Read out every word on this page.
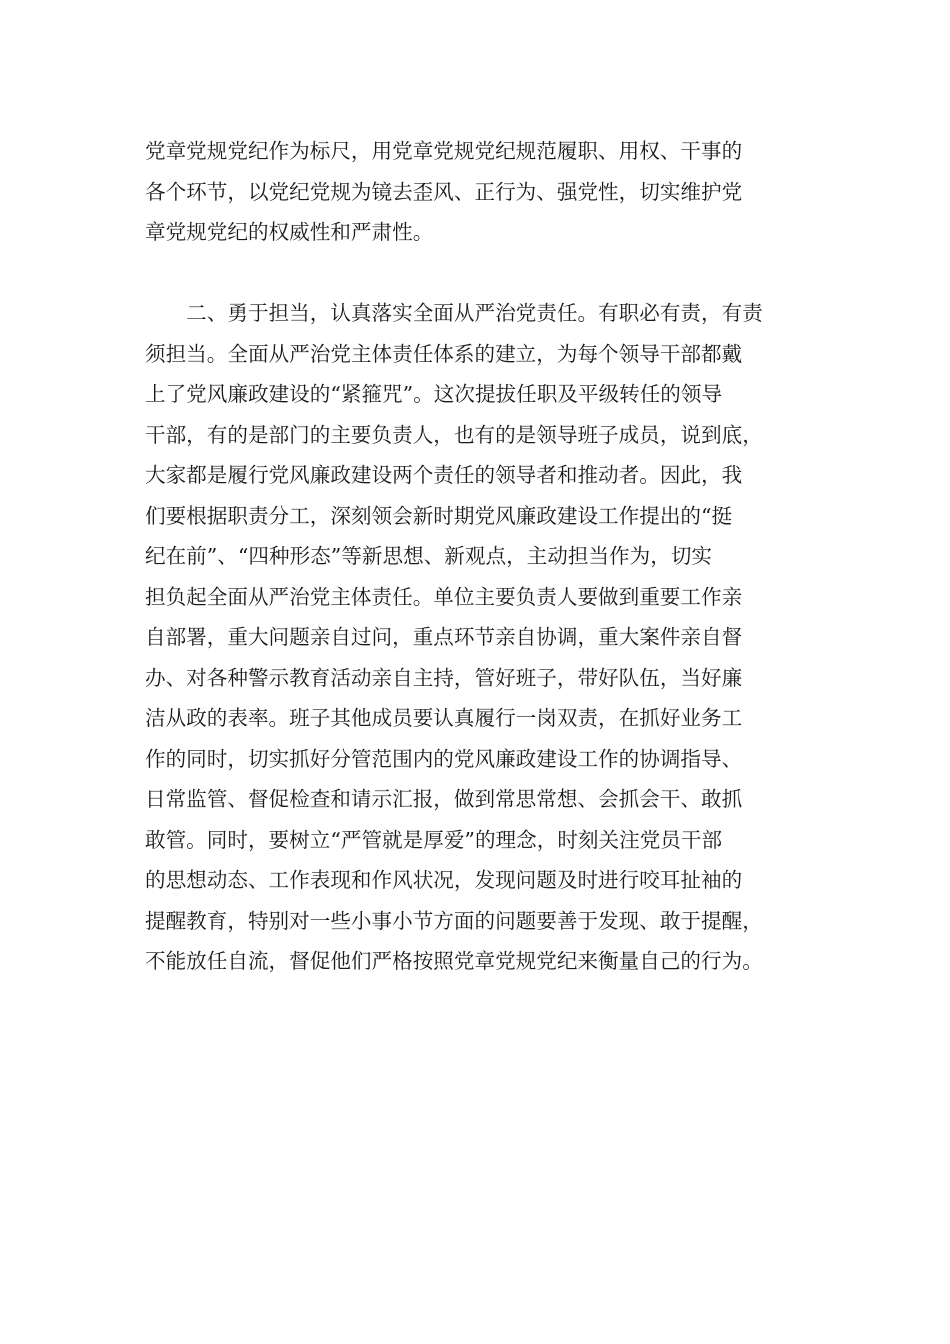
党章党规党纪作为标尺，用党章党规党纪规范履职、用权、干事的
各个环节，以党纪党规为镜去歪风、正行为、强党性，切实维护党
章党规党纪的权威性和严肃性。
　　二、勇于担当，认真落实全面从严治党责任。有职必有责，有责
须担当。全面从严治党主体责任体系的建立，为每个领导干部都戴
上了党风廉政建设的“紧箍咒”。这次提拔任职及平级转任的领导
干部，有的是部门的主要负责人，也有的是领导班子成员，说到底，
大家都是履行党风廉政建设两个责任的领导者和推动者。因此，我
们要根据职责分工，深刻领会新时期党风廉政建设工作提出的“挺
纪在前”、“四种形态”等新思想、新观点，主动担当作为，切实
担负起全面从严治党主体责任。单位主要负责人要做到重要工作亲
自部署，重大问题亲自过问，重点环节亲自协调，重大案件亲自督
办、对各种警示教育活动亲自主持，管好班子，带好队伍，当好廉
洁从政的表率。班子其他成员要认真履行一岗双责，在抓好业务工
作的同时，切实抓好分管范围内的党风廉政建设工作的协调指导、
日常监管、督促检查和请示汇报，做到常思常想、会抓会干、敢抓
敢管。同时，要树立“严管就是厚爱”的理念，时刻关注党员干部
的思想动态、工作表现和作风状况，发现问题及时进行咬耳扯袖的
提醒教育，特别对一些小事小节方面的问题要善于发现、敢于提醒，
不能放任自流，督促他们严格按照党章党规党纪来衡量自己的行为。
